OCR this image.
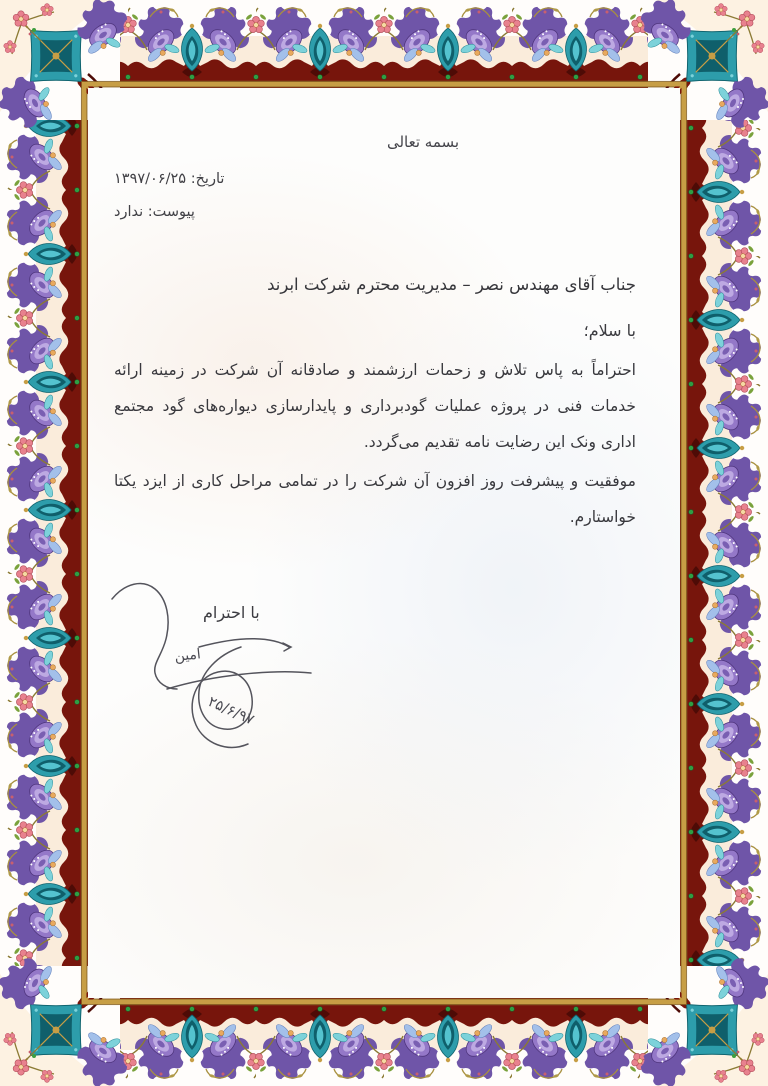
بسمه تعالی
تاریخ: ۱۳۹۷/۰۶/۲۵
پیوست: ندارد
جناب آقای مهندس نصر – مدیریت محترم شرکت ابرند
با سلام؛

احتراماً به پاس تلاش و زحمات ارزشمند و صادقانه آن شرکت در زمینه ارائه خدمات فنی در پروژه عملیات گودبرداری و پایدارسازی دیواره‌های گود مجتمع اداری ونک این رضایت نامه تقدیم می‌گردد.

موفقیت و پیشرفت روز افزون آن شرکت را در تمامی مراحل کاری از ایزد یکتا خواستارم.

امین
۲۵/۶/۹۷
با احترام
